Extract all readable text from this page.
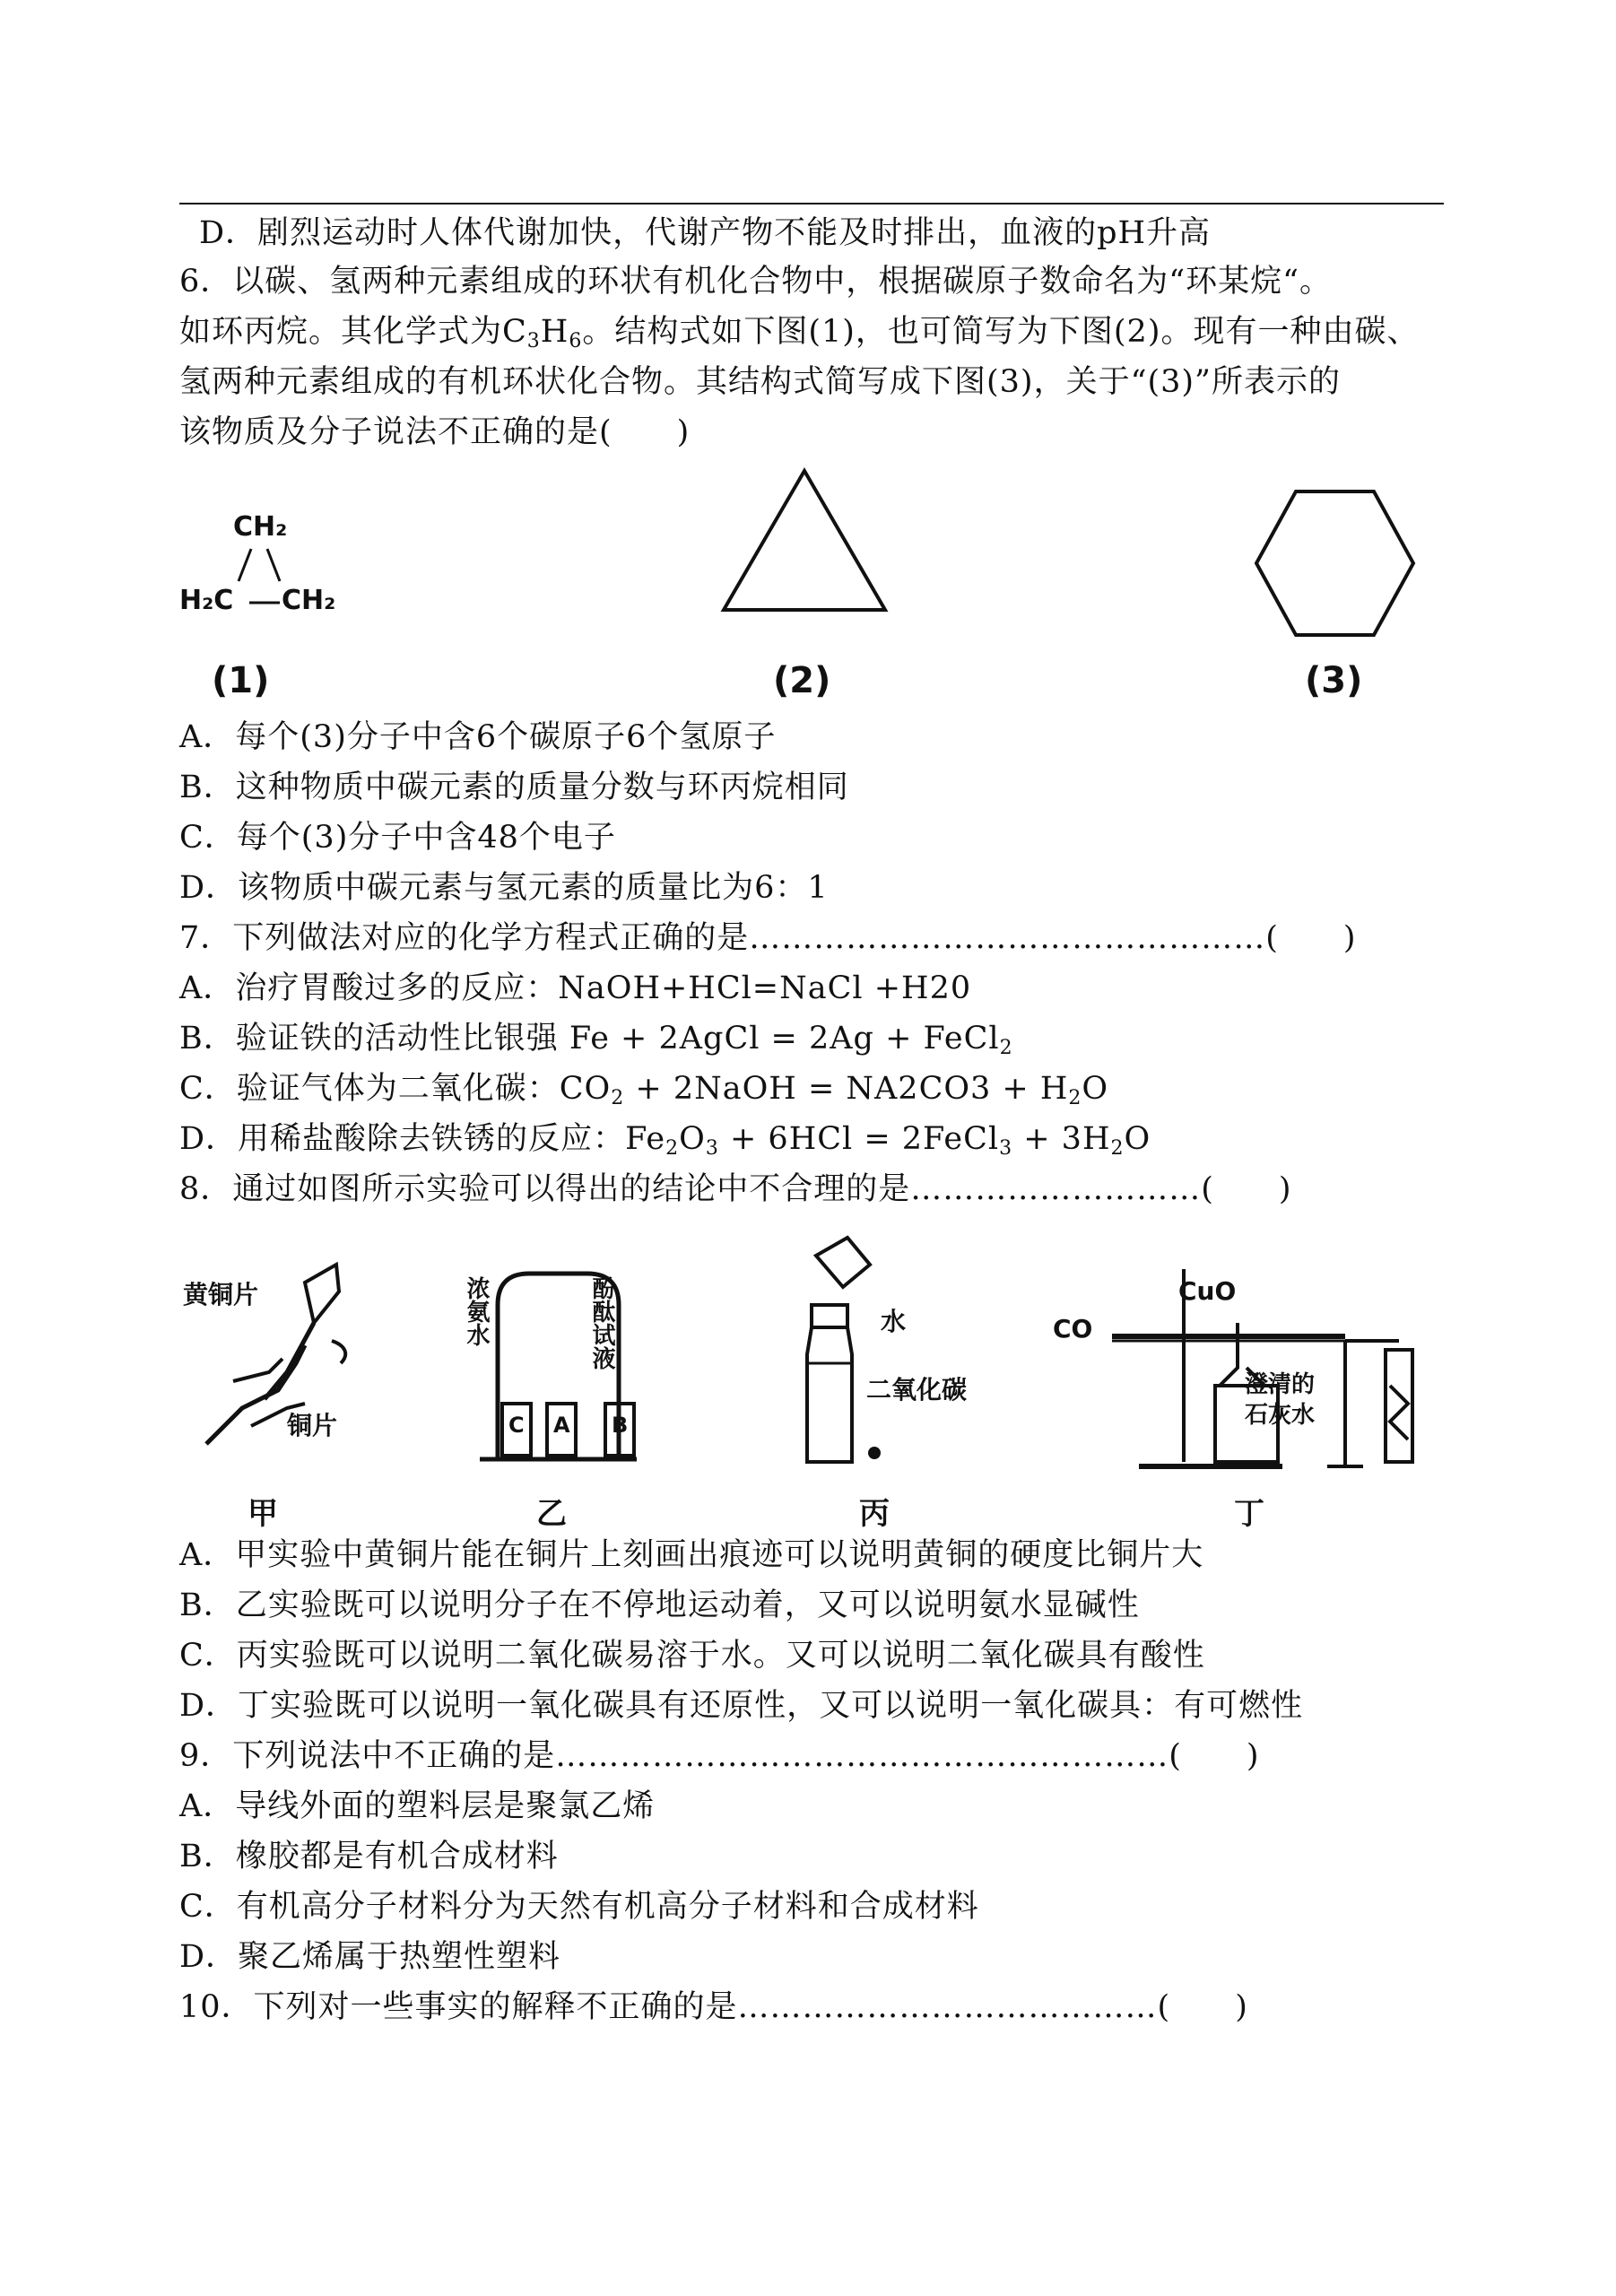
D．剧烈运动时人体代谢加快，代谢产物不能及时排出，血液的pH升高
6．以碳、氢两种元素组成的环状有机化合物中，根据碳原子数命名为“环某烷“。
如环丙烷。其化学式为$C_3H_6$。结构式如下图(1)，也可简写为下图(2)。现有一种由碳、
氢两种元素组成的有机环状化合物。其结构式简写成下图(3)，关于“(3)”所表示的
该物质及分子说法不正确的是(　　)
CH₂
H₂C CH₂
(1)	(2)	(3)
A．每个(3)分子中含6个碳原子6个氢原子
B．这种物质中碳元素的质量分数与环丙烷相同
C．每个(3)分子中含48个电子
D．该物质中碳元素与氢元素的质量比为6：1
7．下列做法对应的化学方程式正确的是…………………………………………(　　)
A．治疗胃酸过多的反应：NaOH+HCl=NaCl +H20
B．验证铁的活动性比银强 Fe + 2AgCl = 2Ag + FeCl$_2$
C．验证气体为二氧化碳：$CO_2$ + 2NaOH = $NA2CO3 + H_2O$
D．用稀盐酸除去铁锈的反应：$Fe_2O_3 + 6HCl$ = 2FeCl$_3$ + $3H_2O$
8．通过如图所示实验可以得出的结论中不合理的是………………………(　　)
黄铜片
铜片
甲
浓氨水	酚酞试液
C A B
乙
水
二氧化碳
丙
CO
CuO
澄清的石灰水
丁
A．甲实验中黄铜片能在铜片上刻画出痕迹可以说明黄铜的硬度比铜片大
B．乙实验既可以说明分子在不停地运动着，又可以说明氨水显碱性
C．丙实验既可以说明二氧化碳易溶于水。又可以说明二氧化碳具有酸性
D．丁实验既可以说明一氧化碳具有还原性，又可以说明一氧化碳具：有可燃性
9．下列说法中不正确的是…………………………………………………(　　)
A．导线外面的塑料层是聚氯乙烯
B．橡胶都是有机合成材料
C．有机高分子材料分为天然有机高分子材料和合成材料
D．聚乙烯属于热塑性塑料
10．下列对一些事实的解释不正确的是…………………………………(　　)
